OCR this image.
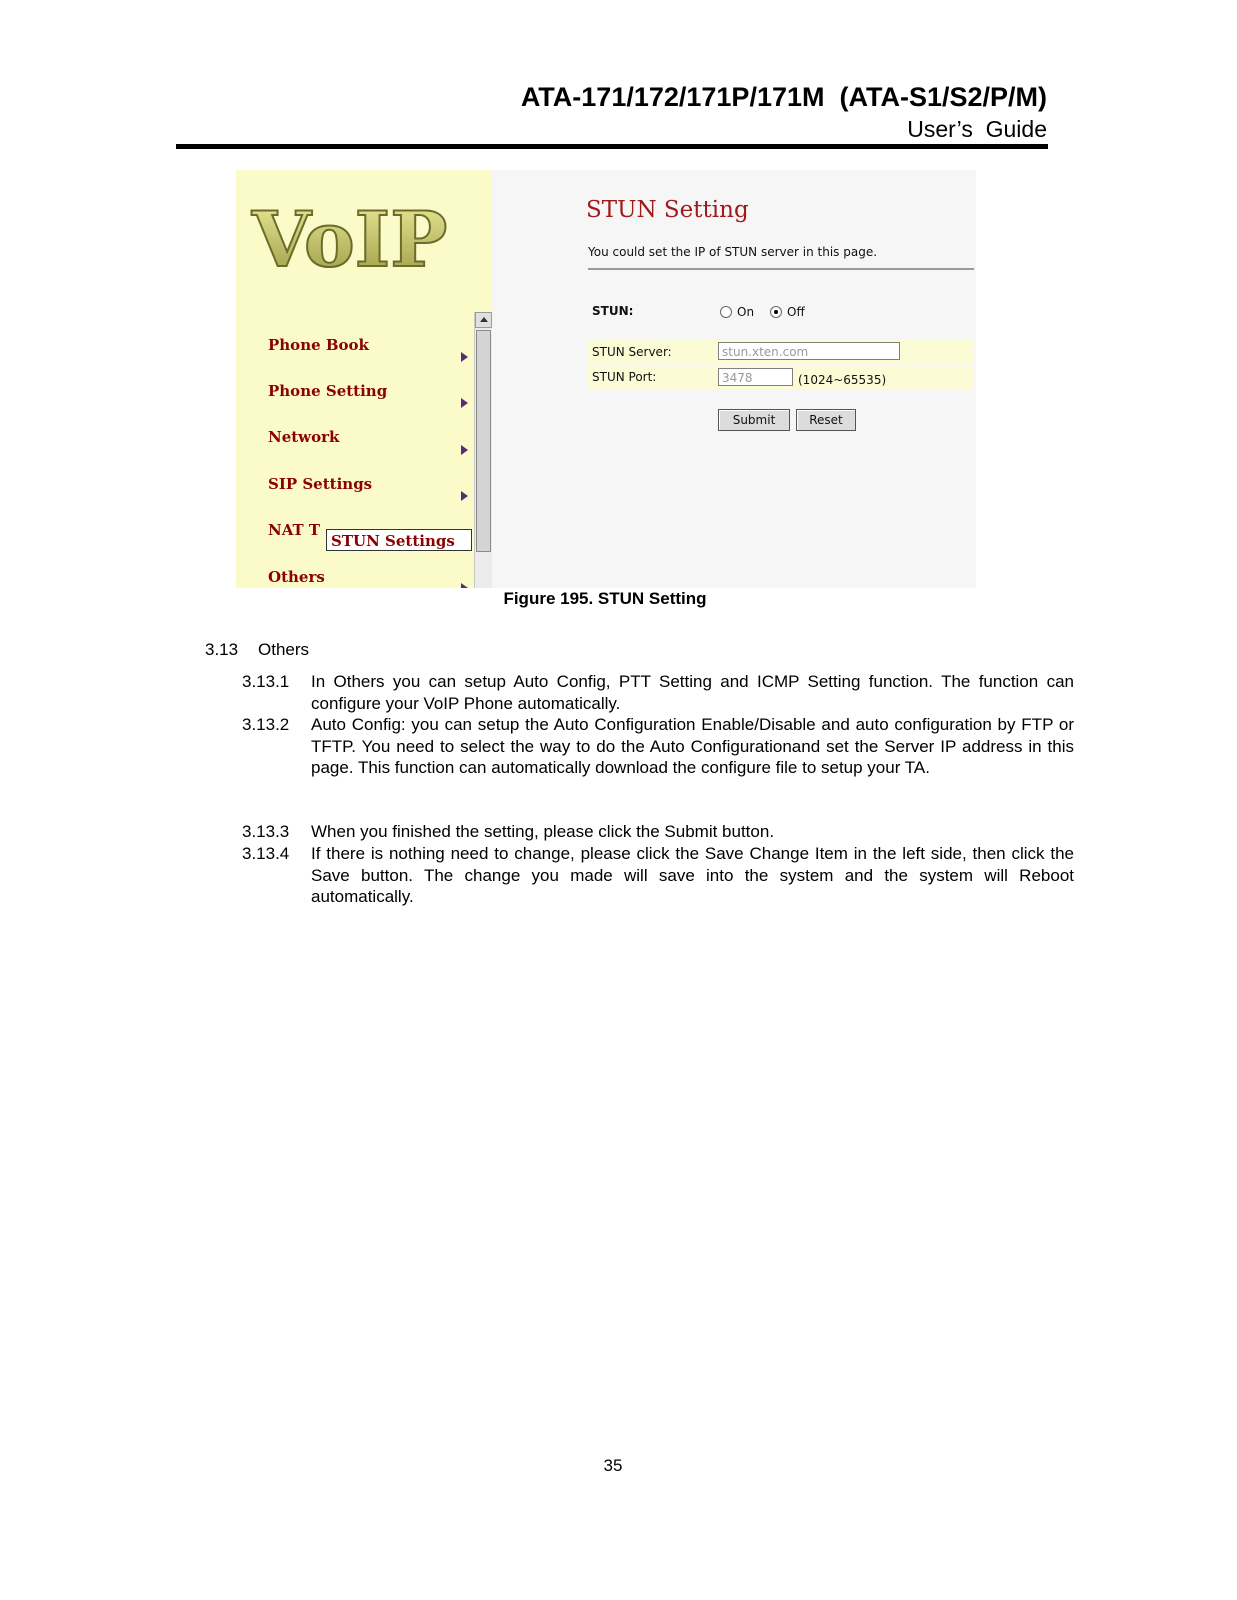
ATA-171/172/171P/171M  (ATA-S1/S2/P/M)
User’s  Guide
VoIP
Phone Book
Phone Setting
Network
SIP Settings
NAT T
Others
STUN Settings
STUN Setting
You could set the IP of STUN server in this page.
STUN:	On	Off
STUN Server:	stun.xten.com
STUN Port:	3478	(1024~65535)
Submit	Reset
Figure 195. STUN Setting
3.13 Others
3.13.1 In Others you can setup Auto Config, PTT Setting and ICMP Setting function. The function can configure your VoIP Phone automatically.
3.13.2 Auto Config: you can setup the Auto Configuration Enable/Disable and auto configuration by FTP or TFTP. You need to select the way to do the Auto Configurationand set the Server IP address in this page. This function can automatically download the configure file to setup your TA.
3.13.3 When you finished the setting, please click the Submit button.
3.13.4 If there is nothing need to change, please click the Save Change Item in the left side, then click the Save button. The change you made will save into the system and the system will Reboot automatically.
35
